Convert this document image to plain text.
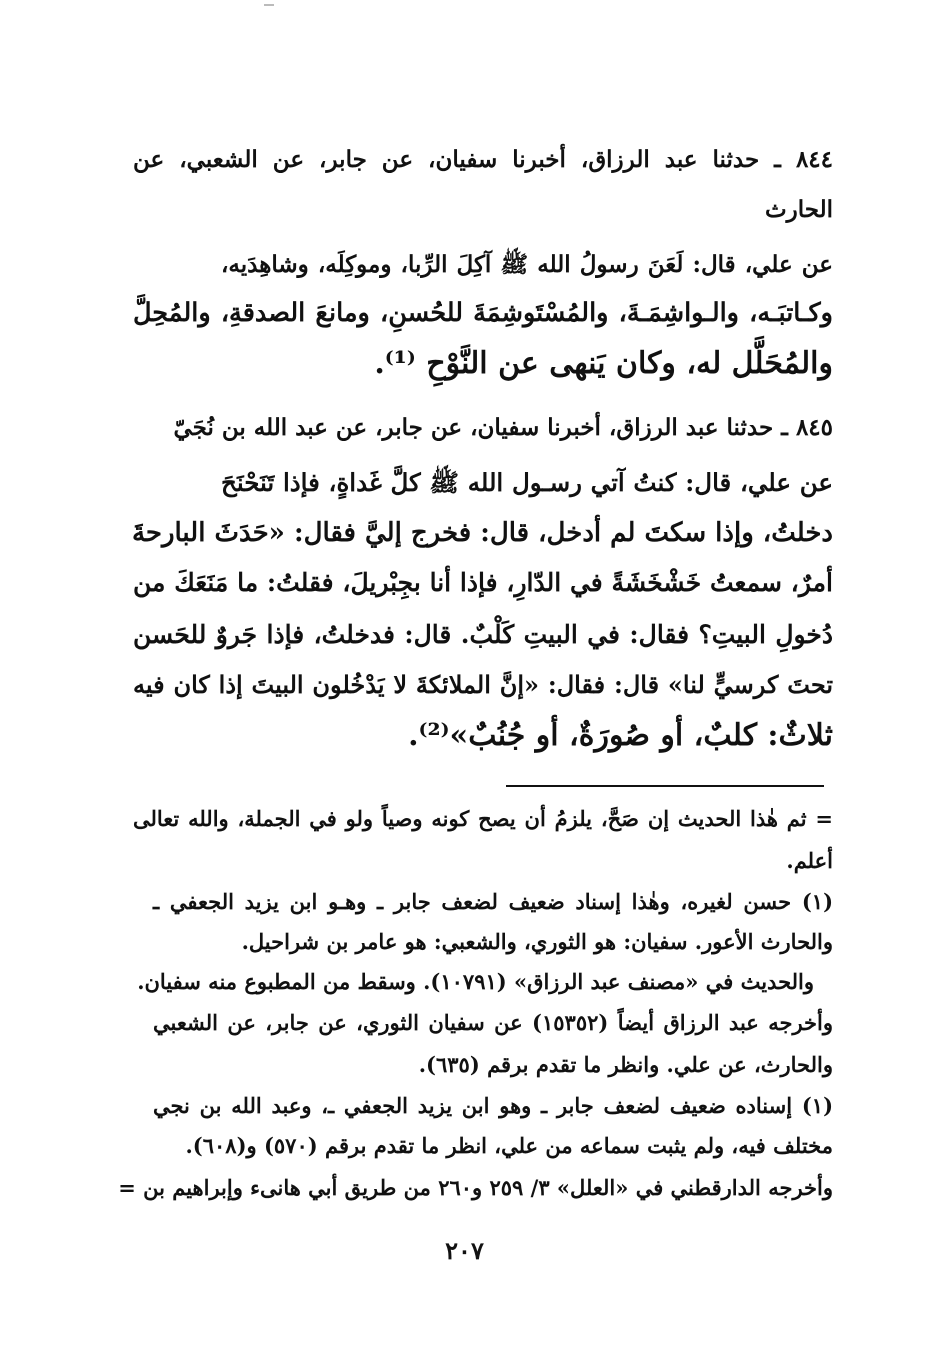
٨٤٤ ـ حدثنا عبد الرزاق، أخبرنا سفيان، عن جابر، عن الشعبي، عن
الحارث
عن علي، قال: لَعَنَ رسولُ الله ﷺ آكِلَ الرِّبا، وموكِلَه، وشاهِدَيه،
وكـاتبَـه، والـواشِمَـةَ، والمُسْتَوشِمَةَ للحُسنِ، ومانعَ الصدقةِ، والمُحِلَّ
والمُحَلَّل له، وكان يَنهى عن النَّوْحِ ⁽¹⁾.
٨٤٥ ـ حدثنا عبد الرزاق، أخبرنا سفيان، عن جابر، عن عبد الله بن نُجَيّ
عن علي، قال: كنتُ آتي رسـول الله ﷺ كلَّ غَداةٍ، فإذا تَنَحْنَحَ
دخلتُ، وإذا سكتَ لم أدخل، قال: فخرج إليَّ فقال: «حَدَثَ البارحةَ
أمرٌ، سمعتُ خَشْخَشَةً في الدّارِ، فإذا أنا بجِبْريلَ، فقلتُ: ما مَنَعَكَ من
دُخولِ البيتِ؟ فقال: في البيتِ كَلْبٌ. قال: فدخلتُ، فإذا جَروٌ للحَسن
تحتَ كرسيٍّ لنا» قال: فقال: «إنَّ الملائكةَ لا يَدْخُلون البيتَ إذا كان فيه
ثلاثٌ: كلبٌ، أو صُورَةٌ، أو جُنُبٌ»⁽²⁾.
= ثم هٰذا الحديث إن صَحَّ، يلزمُ أن يصح كونه وصياً ولو في الجملة، والله تعالى
أعلم.
(١) حسن لغيره، وهٰذا إسناد ضعيف لضعف جابر ـ وهـو ابن يزيد الجعفي ـ
والحارث الأعور. سفيان: هو الثوري، والشعبي: هو عامر بن شراحيل.
والحديث في «مصنف عبد الرزاق» (١٠٧٩١). وسقط من المطبوع منه سفيان.
وأخرجه عبد الرزاق أيضاً (١٥٣٥٢) عن سفيان الثوري، عن جابر، عن الشعبي
والحارث، عن علي. وانظر ما تقدم برقم (٦٣٥).
(١) إسناده ضعيف لضعف جابر ـ وهو ابن يزيد الجعفي ـ، وعبد الله بن نجي
مختلف فيه، ولم يثبت سماعه من علي، انظر ما تقدم برقم (٥٧٠) و(٦٠٨).
وأخرجه الدارقطني في «العلل» ٣/ ٢٥٩ و٢٦٠ من طريق أبي هانىء وإبراهيم بن =
٢٠٧
